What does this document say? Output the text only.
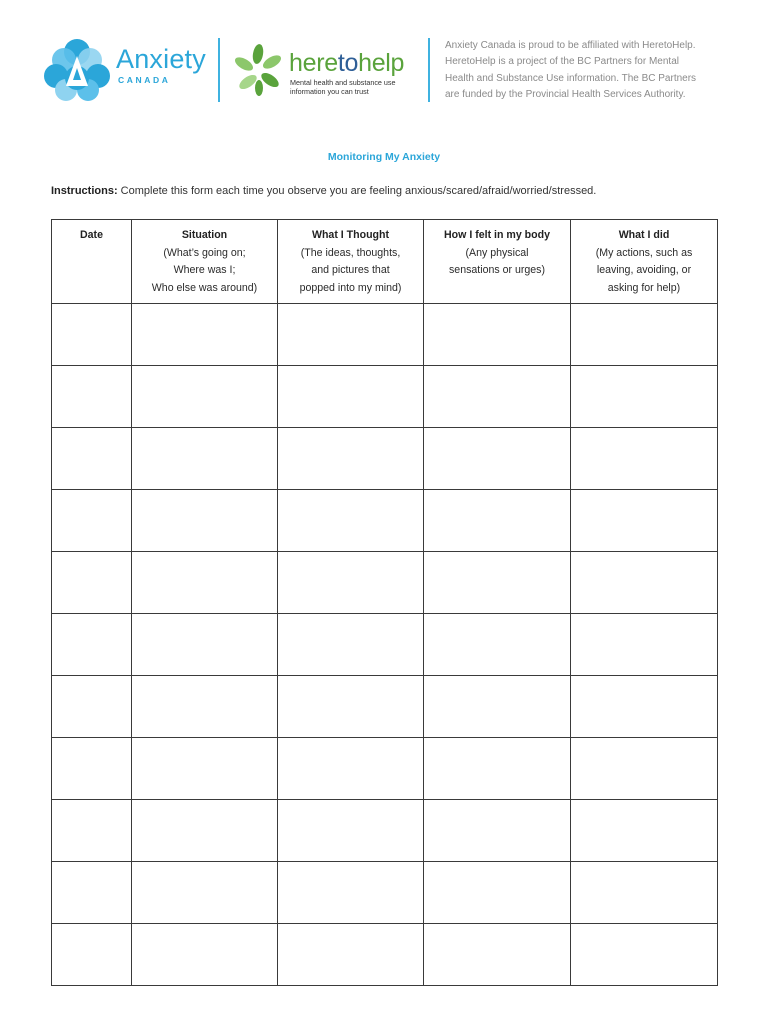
Anxiety
CANADA
heretohelp
Mental health and substance use
information you can trust
Anxiety Canada is proud to be affiliated with HeretoHelp.
HeretoHelp is a project of the BC Partners for Mental
Health and Substance Use information. The BC Partners
are funded by the Provincial Health Services Authority.
Monitoring My Anxiety
Instructions: Complete this form each time you observe you are feeling anxious/scared/afraid/worried/stressed.
Date	Situation
(What’s going on;
Where was I;
Who else was around)	What I Thought
(The ideas, thoughts,
and pictures that
popped into my mind)	How I felt in my body
(Any physical
sensations or urges)	What I did
(My actions, such as
leaving, avoiding, or
asking for help)
